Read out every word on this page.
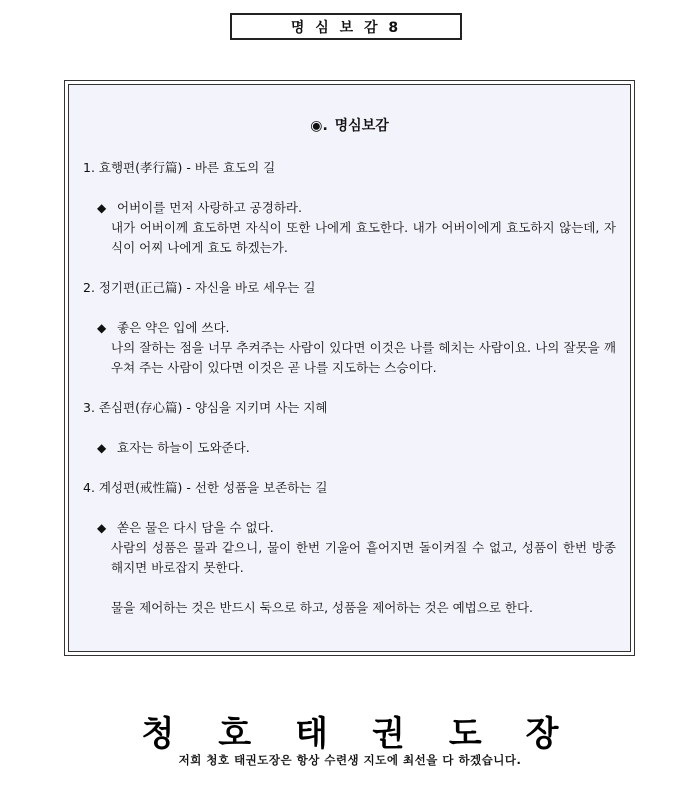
명 심 보 감 8
◉. 명심보감
1. 효행편(孝行篇) - 바른 효도의 길
◆ 어버이를 먼저 사랑하고 공경하라.
내가 어버이께 효도하면 자식이 또한 나에게 효도한다. 내가 어버이에게 효도하지 않는데, 자식이 어찌 나에게 효도 하겠는가.
2. 정기편(正己篇) - 자신을 바로 세우는 길
◆ 좋은 약은 입에 쓰다.
나의 잘하는 점을 너무 추켜주는 사람이 있다면 이것은 나를 헤치는 사람이요. 나의 잘못을 깨우쳐 주는 사람이 있다면 이것은 곧 나를 지도하는 스승이다.
3. 존심편(存心篇) - 양심을 지키며 사는 지혜
◆ 효자는 하늘이 도와준다.
4. 계성편(戒性篇) - 선한 성품을 보존하는 길
◆ 쏟은 물은 다시 담을 수 없다.
사람의 성품은 물과 같으니, 물이 한번 기울어 흩어지면 돌이켜질 수 없고, 성품이 한번 방종해지면 바로잡지 못한다.
물을 제어하는 것은 반드시 둑으로 하고, 성품을 제어하는 것은 예법으로 한다.
청호태권도장
저희 청호 태권도장은 항상 수련생 지도에 최선을 다 하겠습니다.
